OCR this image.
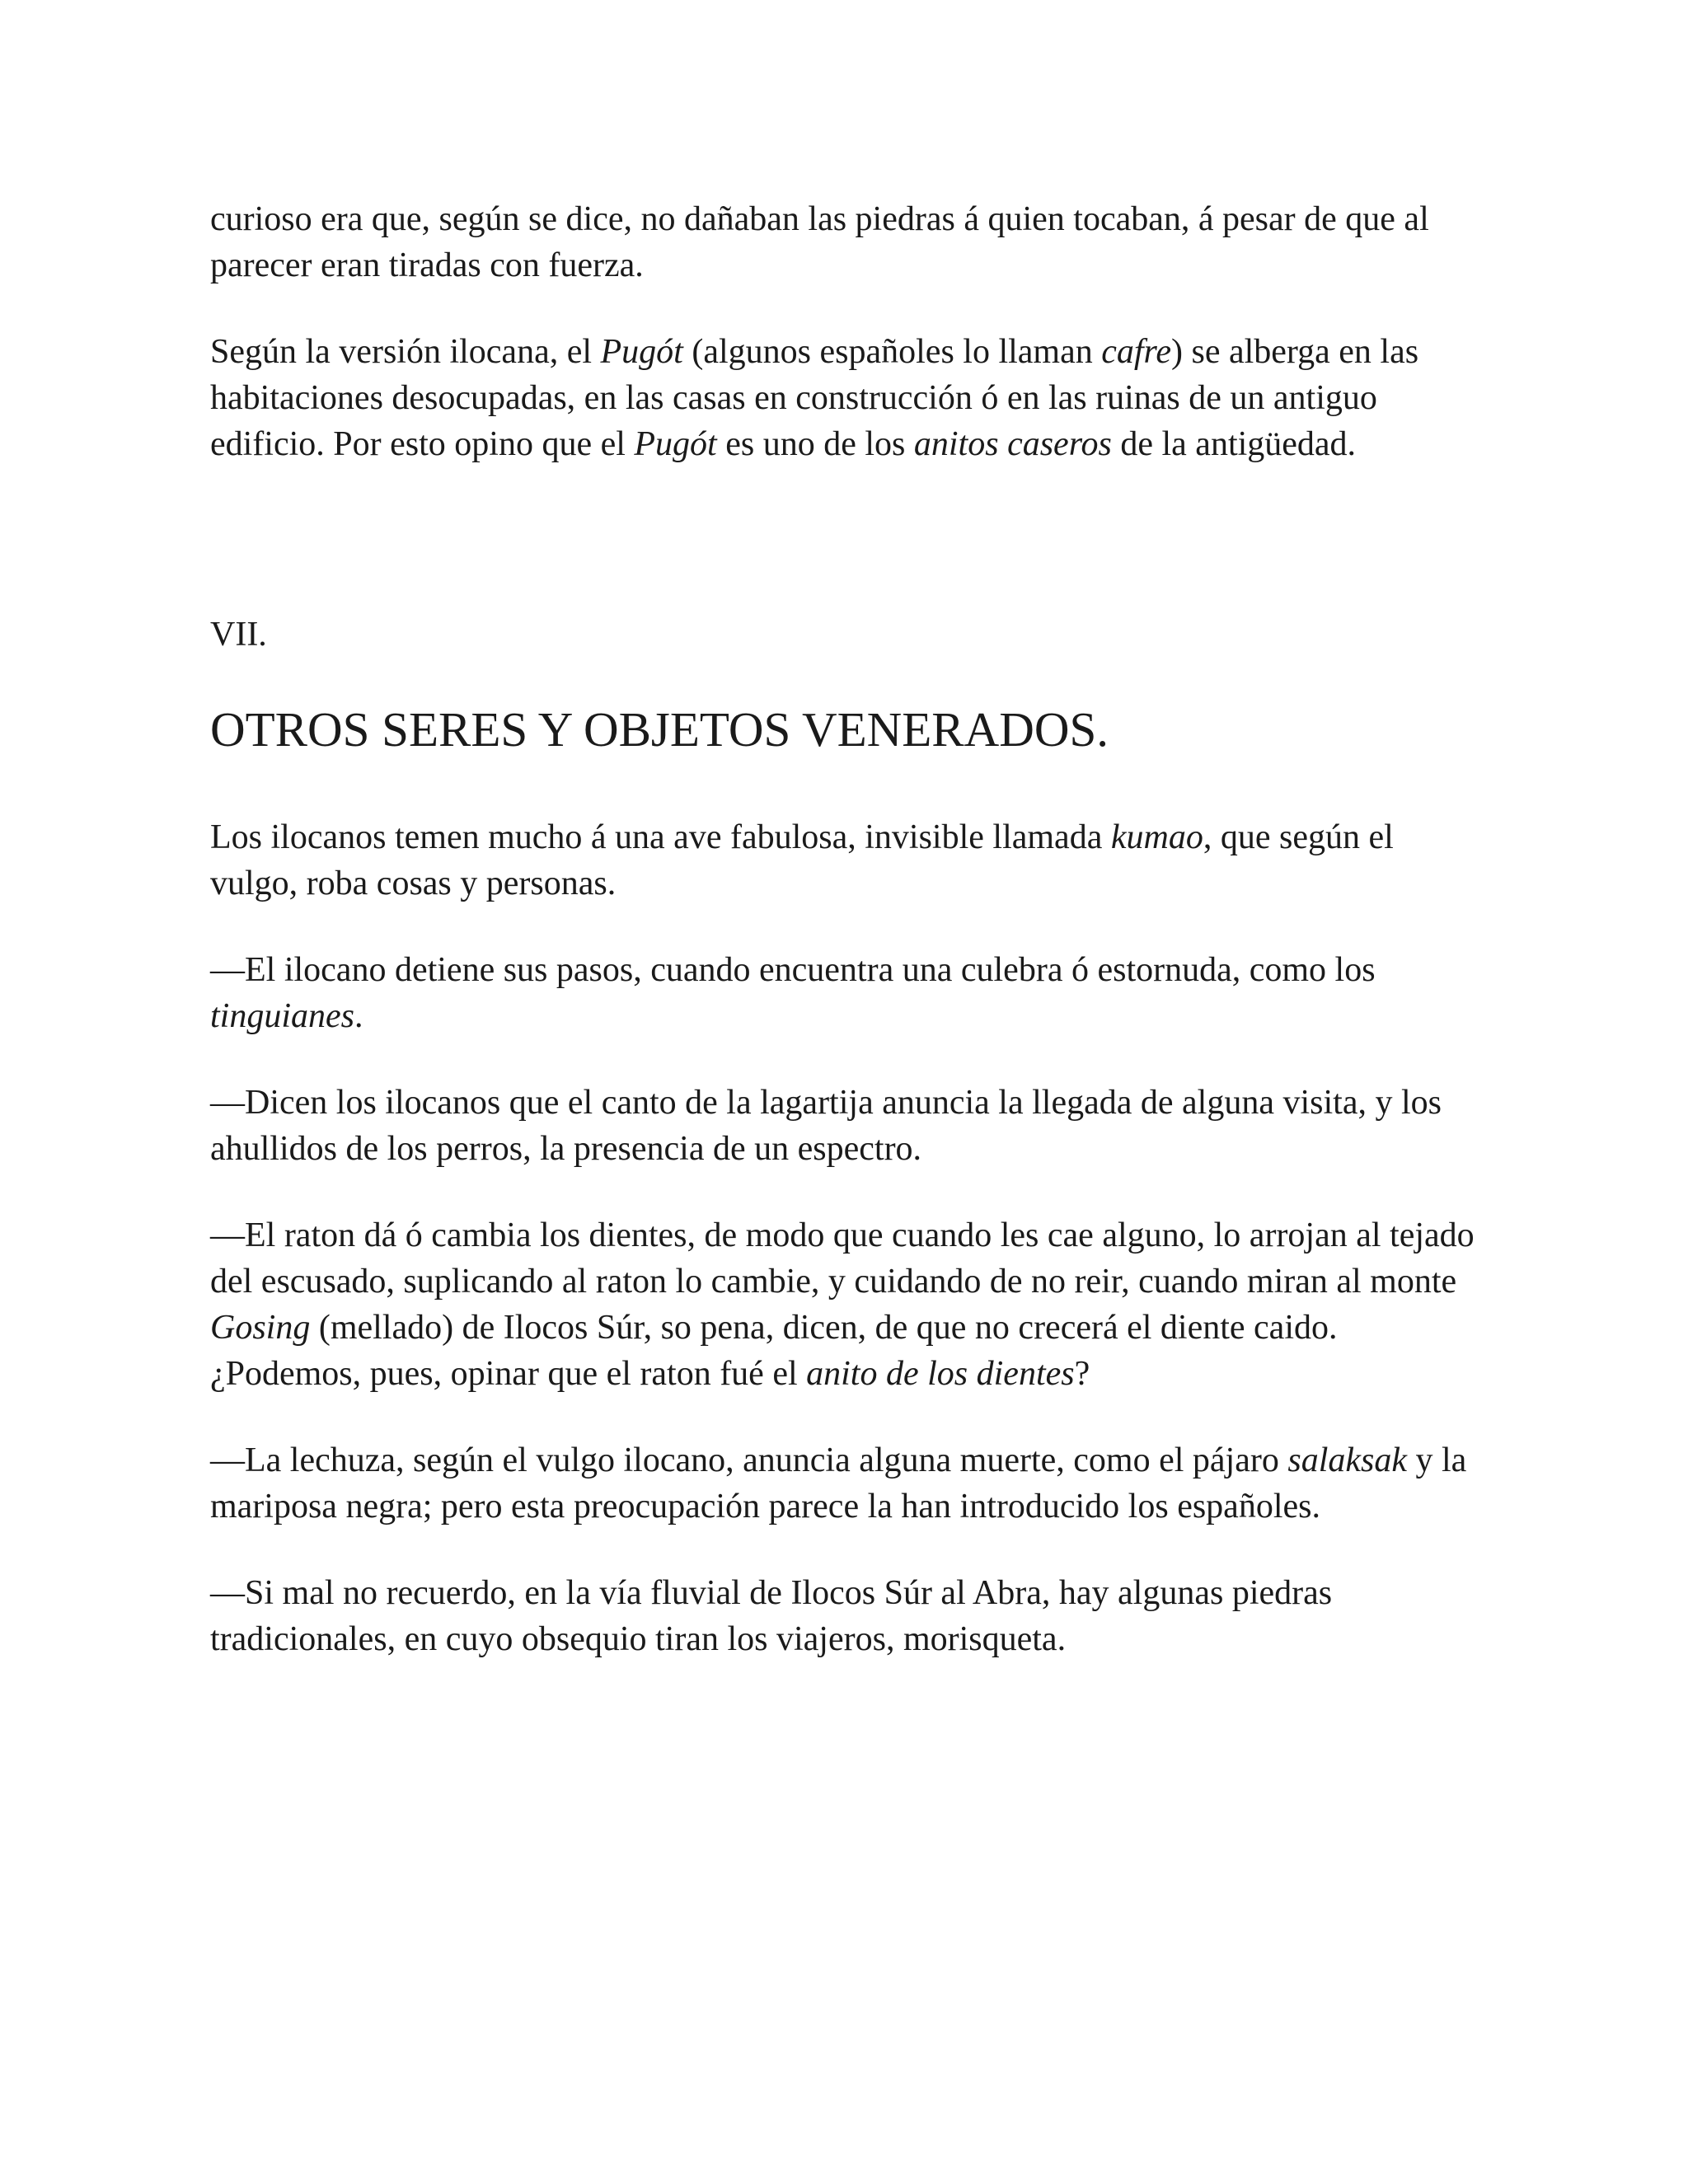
curioso era que, según se dice, no dañaban las piedras á quien tocaban, á pesar de que al parecer eran tiradas con fuerza.

Según la versión ilocana, el Pugót (algunos españoles lo llaman cafre) se alberga en las habitaciones desocupadas, en las casas en construcción ó en las ruinas de un antiguo edificio. Por esto opino que el Pugót es uno de los anitos caseros de la antigüedad.

VII.
OTROS SERES Y OBJETOS VENERADOS.

Los ilocanos temen mucho á una ave fabulosa, invisible llamada kumao, que según el vulgo, roba cosas y personas.

—El ilocano detiene sus pasos, cuando encuentra una culebra ó estornuda, como los tinguianes.

—Dicen los ilocanos que el canto de la lagartija anuncia la llegada de alguna visita, y los ahullidos de los perros, la presencia de un espectro.

—El raton dá ó cambia los dientes, de modo que cuando les cae alguno, lo arrojan al tejado del escusado, suplicando al raton lo cambie, y cuidando de no reir, cuando miran al monte Gosing (mellado) de Ilocos Súr, so pena, dicen, de que no crecerá el diente caido. ¿Podemos, pues, opinar que el raton fué el anito de los dientes?

—La lechuza, según el vulgo ilocano, anuncia alguna muerte, como el pájaro salaksak y la mariposa negra; pero esta preocupación parece la han introducido los españoles.

—Si mal no recuerdo, en la vía fluvial de Ilocos Súr al Abra, hay algunas piedras tradicionales, en cuyo obsequio tiran los viajeros, morisqueta.
